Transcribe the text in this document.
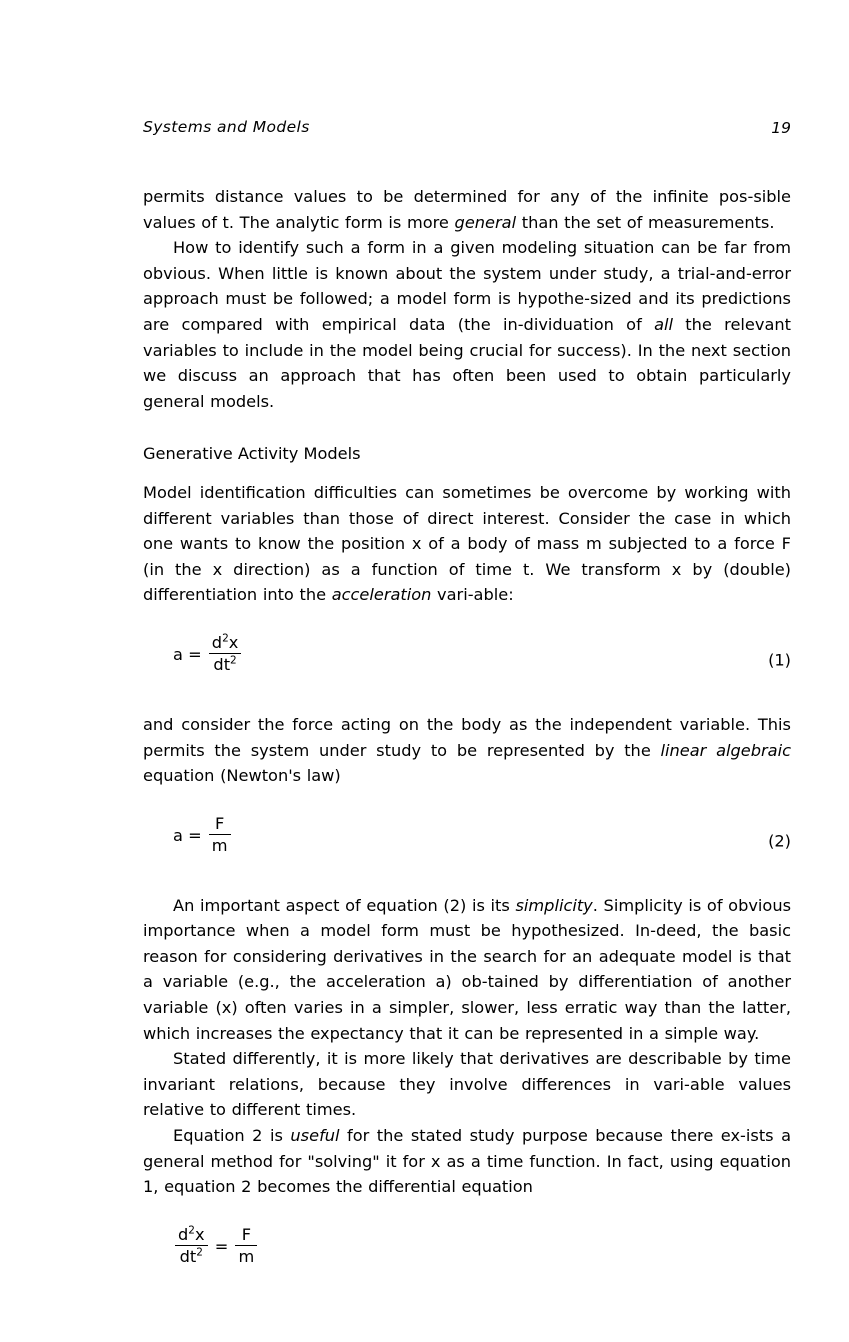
Systems and Models	19

permits distance values to be determined for any of the infinite pos-sible values of t. The analytic form is more general than the set of measurements.

How to identify such a form in a given modeling situation can be far from obvious. When little is known about the system under study, a trial-and-error approach must be followed; a model form is hypothe-sized and its predictions are compared with empirical data (the in-dividuation of all the relevant variables to include in the model being crucial for success). In the next section we discuss an approach that has often been used to obtain particularly general models.

Generative Activity Models

Model identification difficulties can sometimes be overcome by working with different variables than those of direct interest. Consider the case in which one wants to know the position x of a body of mass m subjected to a force F (in the x direction) as a function of time t. We transform x by (double) differentiation into the acceleration vari-able:

$a = \frac{d^2x}{dt^2}$	(1)

and consider the force acting on the body as the independent variable. This permits the system under study to be represented by the linear algebraic equation (Newton's law)

$a = \frac{F}{m}$	(2)

An important aspect of equation (2) is its simplicity. Simplicity is of obvious importance when a model form must be hypothesized. In-deed, the basic reason for considering derivatives in the search for an adequate model is that a variable (e.g., the acceleration a) ob-tained by differentiation of another variable (x) often varies in a simpler, slower, less erratic way than the latter, which increases the expectancy that it can be represented in a simple way.

Stated differently, it is more likely that derivatives are describable by time invariant relations, because they involve differences in vari-able values relative to different times.

Equation 2 is useful for the stated study purpose because there ex-ists a general method for "solving" it for x as a time function. In fact, using equation 1, equation 2 becomes the differential equation

$\frac{d^2x}{dt^2} = \frac{F}{m}$
